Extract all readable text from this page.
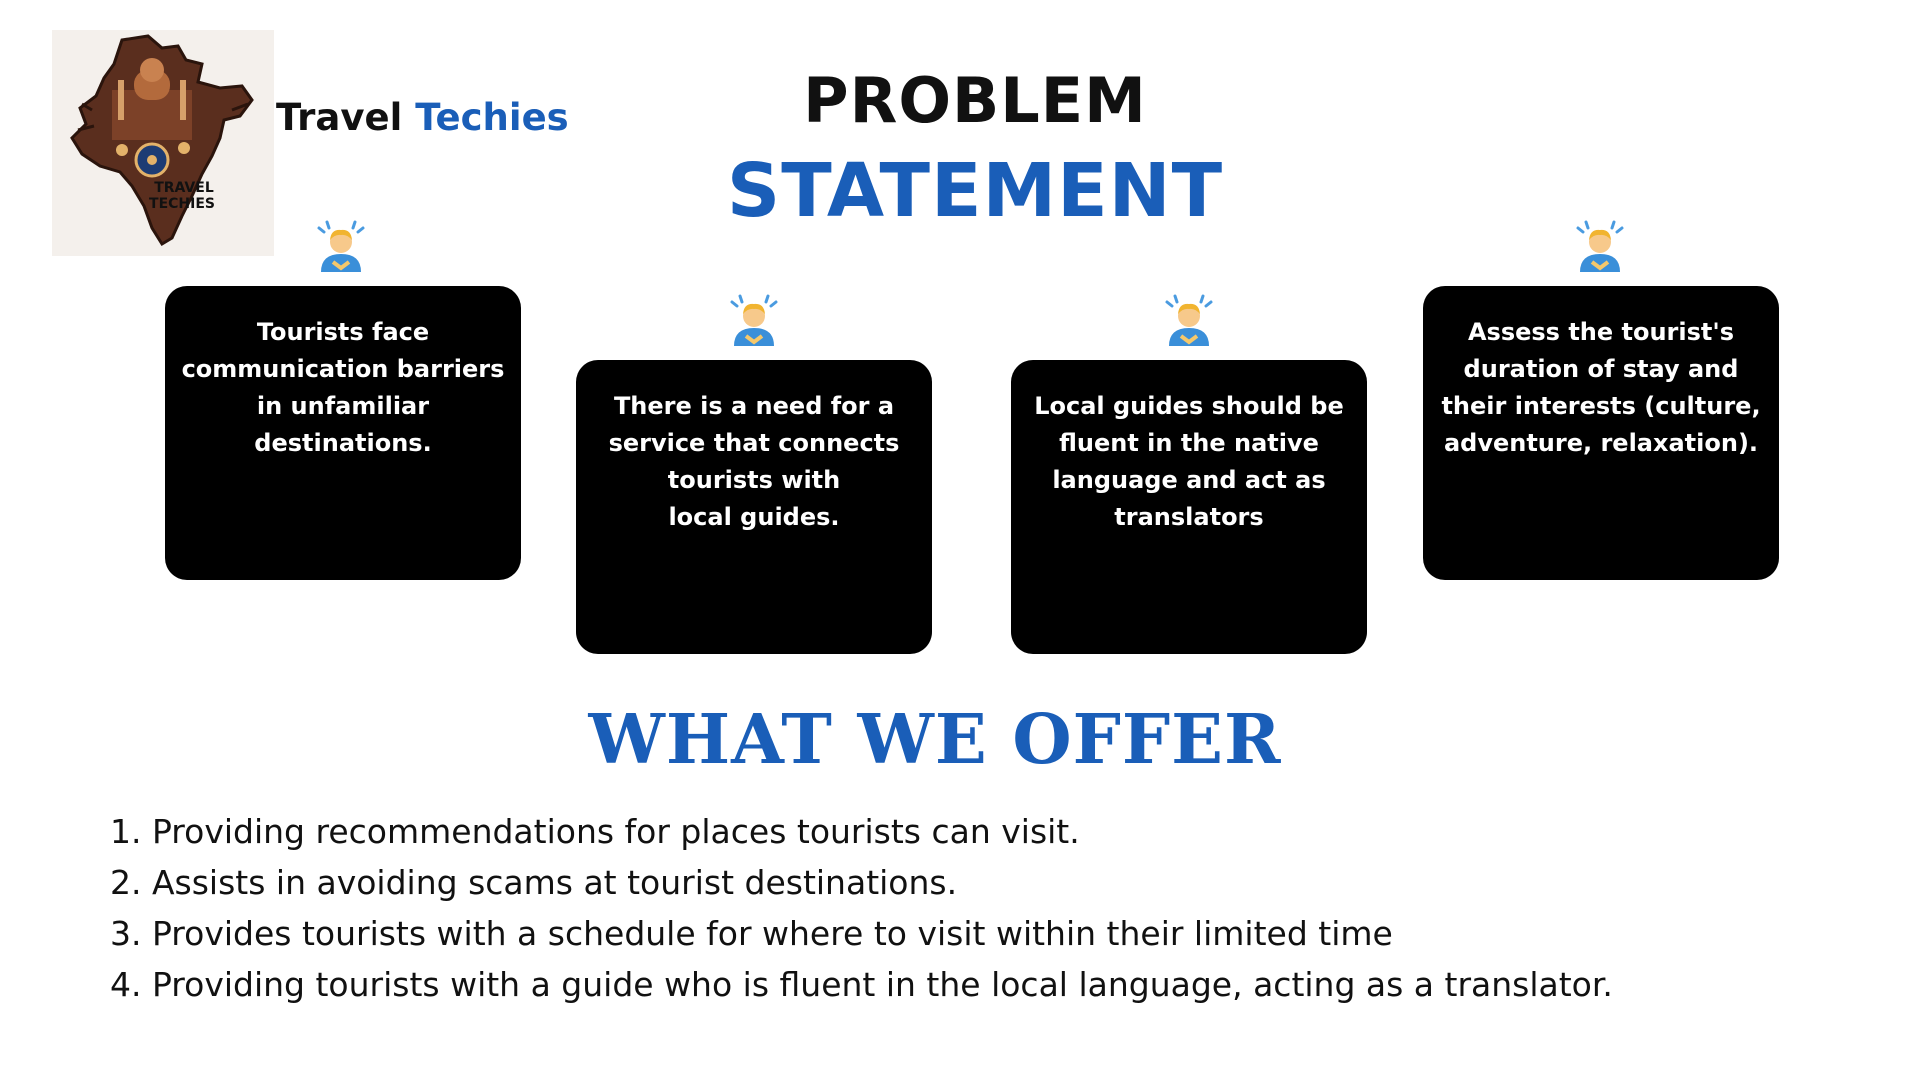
TRAVEL
TECHIES
Travel Techies	PROBLEM
STATEMENT
Tourists face
communication barriers
in unfamiliar
destinations.
There is a need for a
service that connects
tourists with
local guides.
Local guides should be
fluent in the native
language and act as
translators
Assess the tourist's
duration of stay and
their interests (culture,
adventure, relaxation).
WHAT WE OFFER
1. Providing recommendations for places tourists can visit.
2. Assists in avoiding scams at tourist destinations.
3. Provides tourists with a schedule for where to visit within their limited time
4. Providing tourists with a guide who is fluent in the local language, acting as a translator.
